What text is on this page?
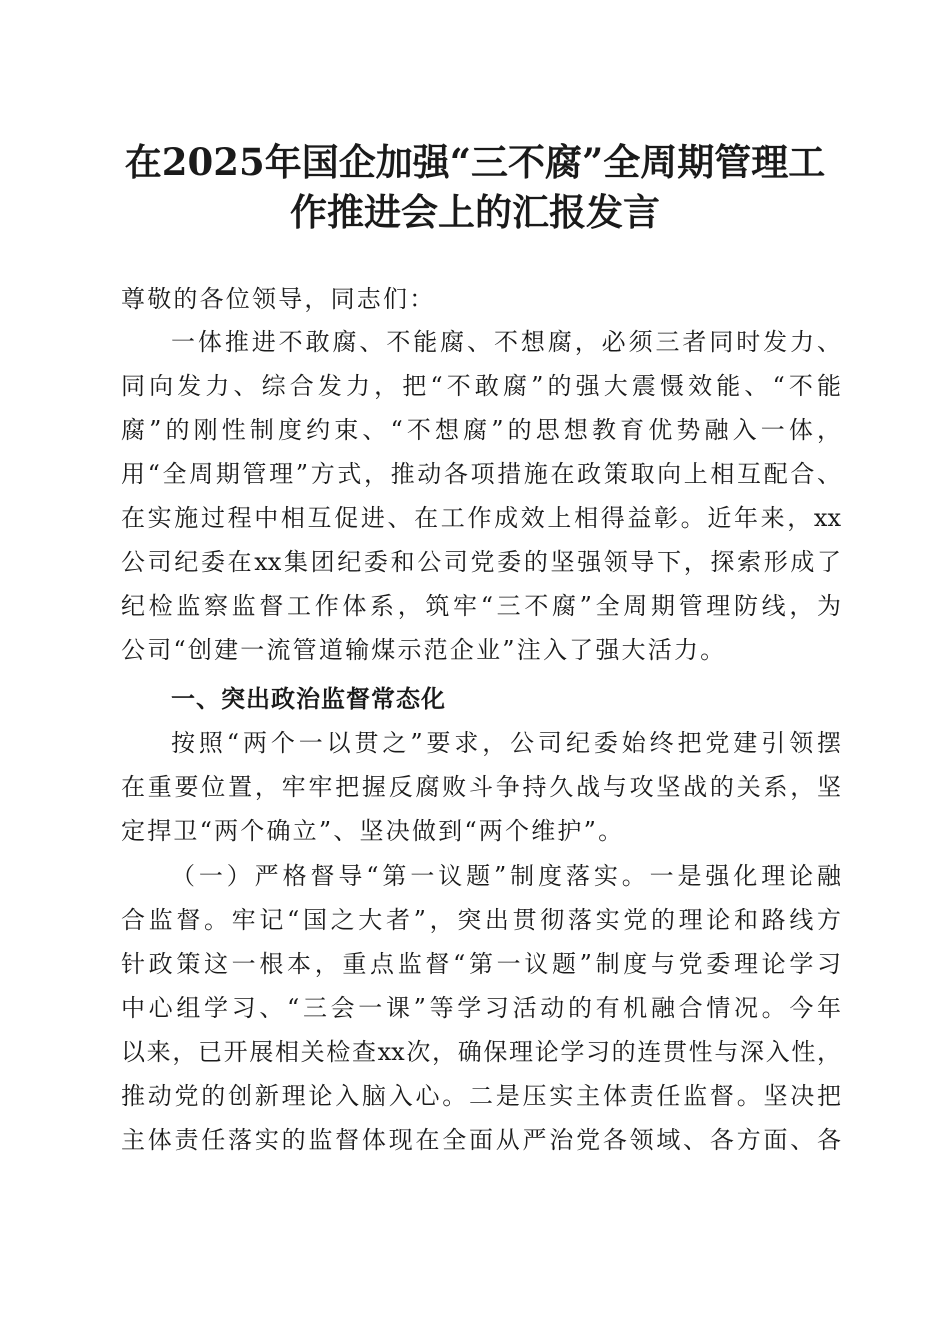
在2025年国企加强“三不腐”全周期管理工
作推进会上的汇报发言
尊敬的各位领导，同志们：
一体推进不敢腐、不能腐、不想腐，必须三者同时发力、
同向发力、综合发力，把“不敢腐”的强大震慑效能、“不能
腐”的刚性制度约束、“不想腐”的思想教育优势融入一体，
用“全周期管理”方式，推动各项措施在政策取向上相互配合、
在实施过程中相互促进、在工作成效上相得益彰。近年来，xx
公司纪委在xx集团纪委和公司党委的坚强领导下，探索形成了
纪检监察监督工作体系，筑牢“三不腐”全周期管理防线，为
公司“创建一流管道输煤示范企业”注入了强大活力。
一、突出政治监督常态化
按照“两个一以贯之”要求，公司纪委始终把党建引领摆
在重要位置，牢牢把握反腐败斗争持久战与攻坚战的关系，坚
定捍卫“两个确立”、坚决做到“两个维护”。
（一）严格督导“第一议题”制度落实。一是强化理论融
合监督。牢记“国之大者”，突出贯彻落实党的理论和路线方
针政策这一根本，重点监督“第一议题”制度与党委理论学习
中心组学习、“三会一课”等学习活动的有机融合情况。今年
以来，已开展相关检查xx次，确保理论学习的连贯性与深入性，
推动党的创新理论入脑入心。二是压实主体责任监督。坚决把
主体责任落实的监督体现在全面从严治党各领域、各方面、各
